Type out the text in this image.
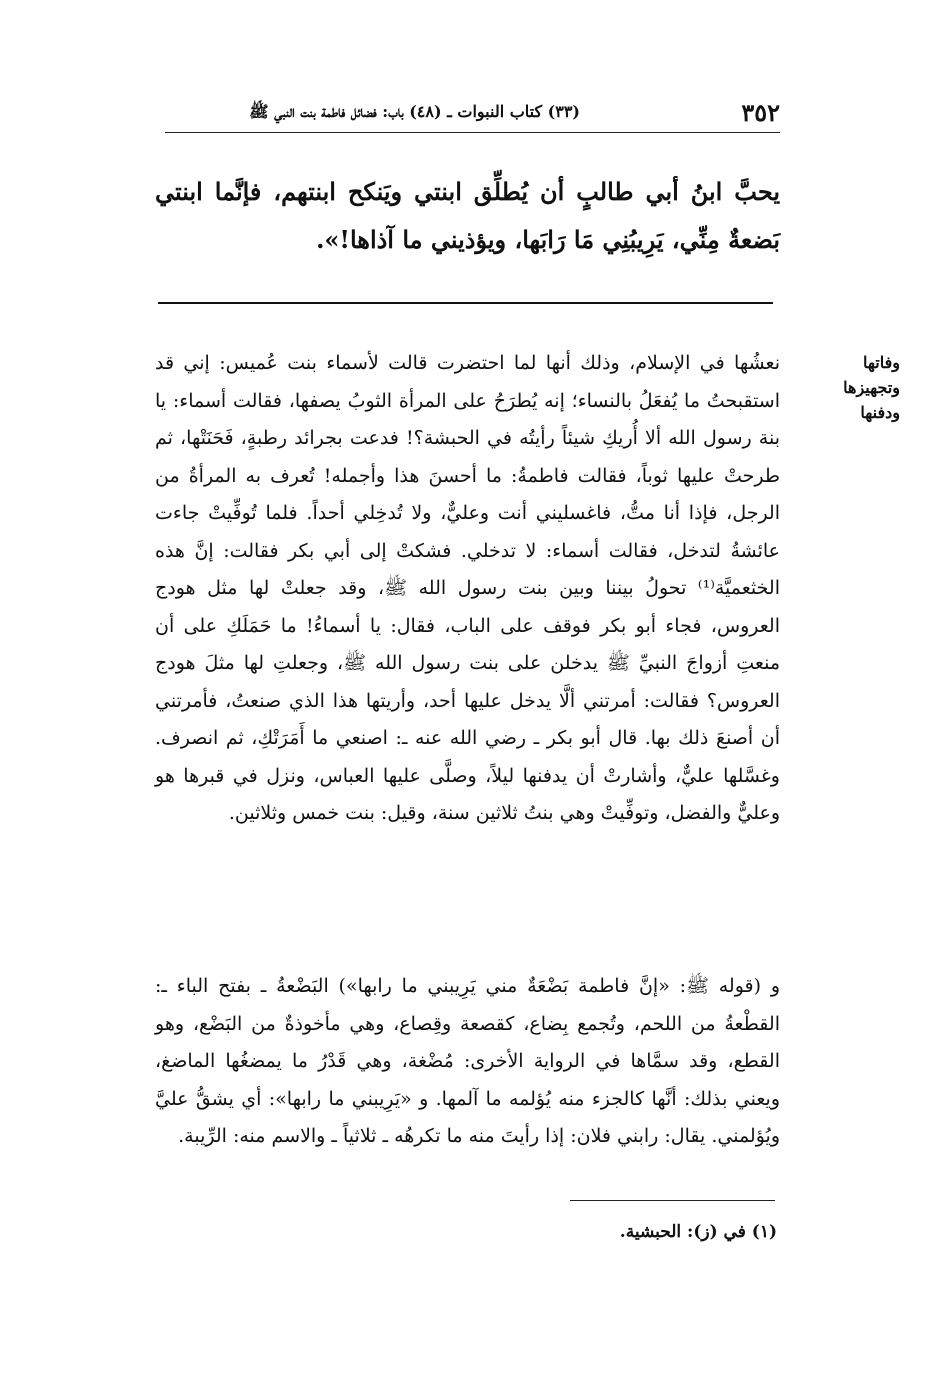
٣٥٢
(٣٣) كتاب النبوات ـ (٤٨) باب: فضائل فاطمة بنت النبي ﷺ
يحبَّ ابنُ أبي طالبٍ أن يُطلِّق ابنتي ويَنكح ابنتهم، فإنَّما ابنتي بَضعةٌ مِنِّي، يَرِيبُنِي مَا رَابَها، ويؤذيني ما آذاها!».
وفاتها وتجهيزها ودفنها
نعشُها في الإسلام، وذلك أنها لما احتضرت قالت لأسماء بنت عُميس: إني قد استقبحتُ ما يُفعَلُ بالنساء؛ إنه يُطرَحُ على المرأة الثوبُ يصفها، فقالت أسماء: يا بنة رسول الله ألا أُريكِ شيئاً رأيتُه في الحبشة؟! فدعت بجرائد رطبةٍ، فَحَنَتْها، ثم طرحتْ عليها ثوباً، فقالت فاطمةُ: ما أحسنَ هذا وأجمله! تُعرف به المرأةُ من الرجل، فإذا أنا متُّ، فاغسليني أنت وعليٌّ، ولا تُدخِلي أحداً. فلما تُوفِّيتْ جاءت عائشةُ لتدخل، فقالت أسماء: لا تدخلي. فشكتْ إلى أبي بكر فقالت: إنَّ هذه الخثعميَّة⁽¹⁾ تحولُ بيننا وبين بنت رسول الله ﷺ، وقد جعلتْ لها مثل هودج العروس، فجاء أبو بكر فوقف على الباب، فقال: يا أسماءُ! ما حَمَلَكِ على أن منعتِ أزواجَ النبيِّ ﷺ يدخلن على بنت رسول الله ﷺ، وجعلتِ لها مثلَ هودج العروس؟ فقالت: أمرتني ألَّا يدخل عليها أحد، وأريتها هذا الذي صنعتُ، فأمرتني أن أصنعَ ذلك بها. قال أبو بكر ـ رضي الله عنه ـ: اصنعي ما أَمَرَتْكِ، ثم انصرف. وغسَّلها عليٌّ، وأشارتْ أن يدفنها ليلاً، وصلَّى عليها العباس، ونزل في قبرها هو وعليٌّ والفضل، وتوفِّيتْ وهي بنتُ ثلاثين سنة، وقيل: بنت خمس وثلاثين.
و (قوله ﷺ: «إنَّ فاطمة بَضْعَةٌ مني يَرِيبني ما رابها») البَضْعةُ ـ بفتح الباء ـ: القطْعةُ من اللحم، وتُجمع بِضاع، كقصعة وقِصاع، وهي مأخوذةٌ من البَضْع، وهو القطع، وقد سمَّاها في الرواية الأخرى: مُضْغة، وهي قَدْرُ ما يمضغُها الماضغ، ويعني بذلك: أنَّها كالجزء منه يُؤلمه ما آلمها. و «يَرِيبني ما رابها»: أي يشقُّ عليَّ ويُؤلمني. يقال: رابني فلان: إذا رأيتَ منه ما تكرهُه ـ ثلاثياً ـ والاسم منه: الرِّيبة.
(١) في (ز): الحبشية.
